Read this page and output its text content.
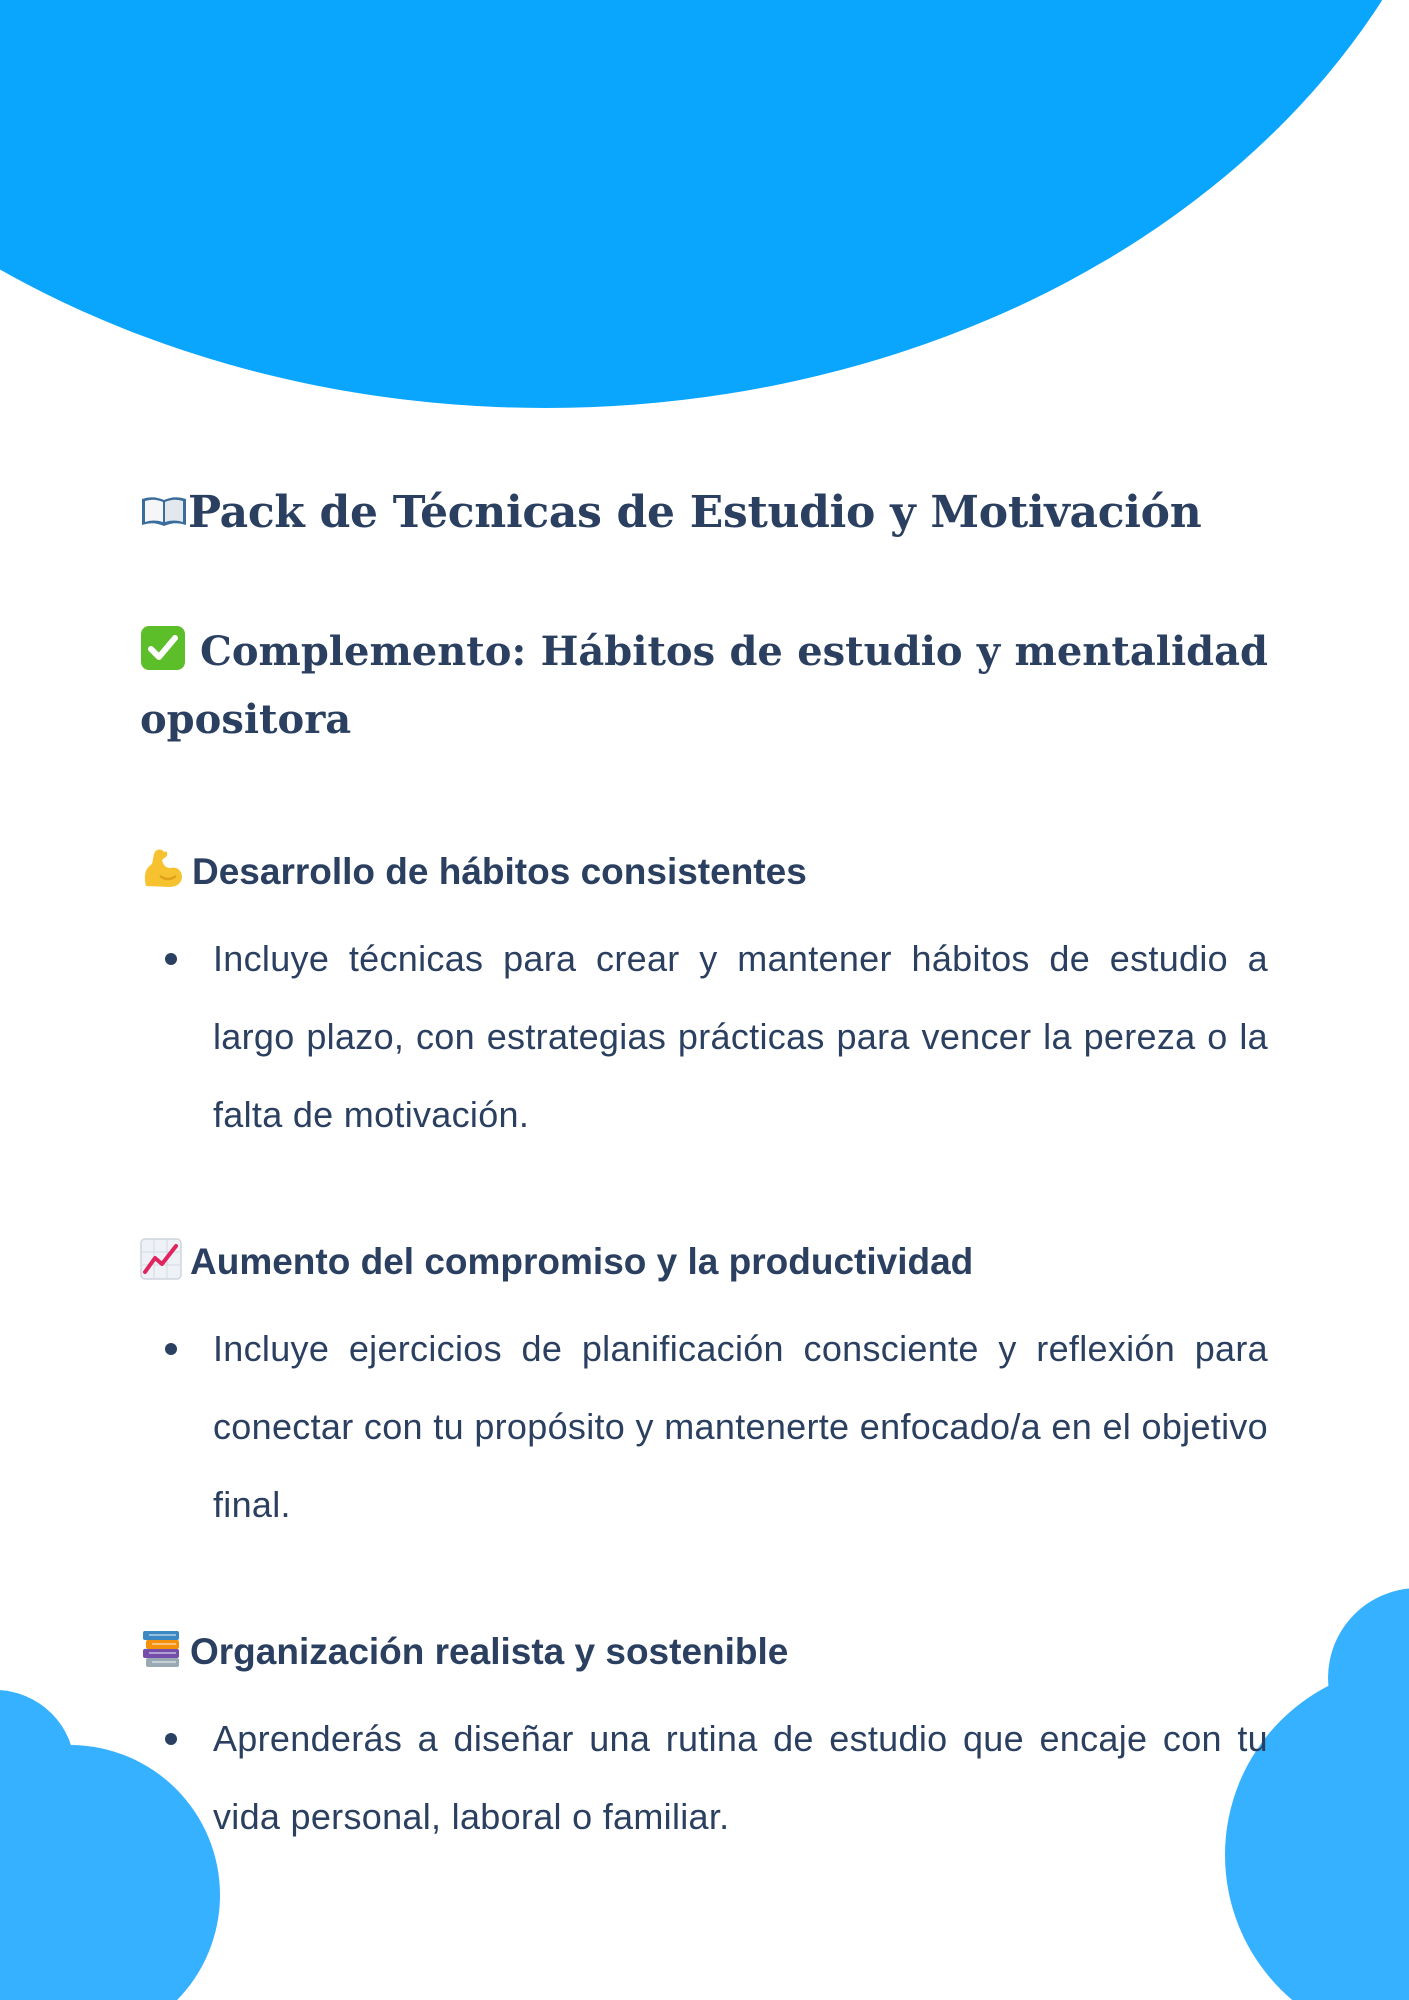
Pack de Técnicas de Estudio y Motivación

Complemento: Hábitos de estudio y mentalidad opositora

Desarrollo de hábitos consistentes
Incluye técnicas para crear y mantener hábitos de estudio a largo plazo, con estrategias prácticas para vencer la pereza o la falta de motivación.
Aumento del compromiso y la productividad
Incluye ejercicios de planificación consciente y reflexión para conectar con tu propósito y mantenerte enfocado/a en el objetivo final.
Organización realista y sostenible
Aprenderás a diseñar una rutina de estudio que encaje con tu vida personal, laboral o familiar.
